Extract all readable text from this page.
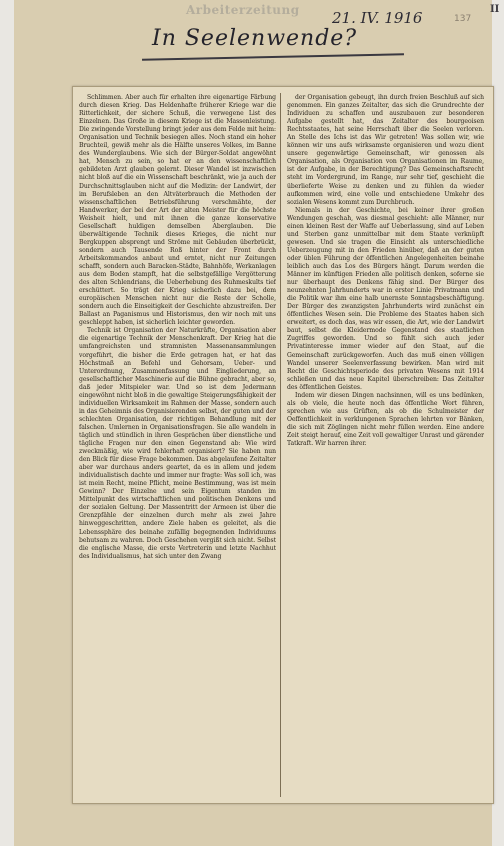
Arbeiterzeitung 21. IV. 1916	137
II
In Seelenwende?

Schlimmen. Aber auch für erhalten ihre eigenartige Färbung durch diesen Krieg. Das Heldenhafte früherer Kriege war die Ritterlichkeit, der sichere Schuß, die verwegene List des Einzelnen. Das Große in diesem Kriege ist die Massenleistung. Die zwingende Vorstellung bringt jeder aus dem Felde mit heim: Organisation und Technik besiegen alles. Noch stand ein hoher Bruchteil, gewiß mehr als die Hälfte unseres Volkes, im Banne des Wunderglaubens. Wie sich der Bürger-Soldat angewöhnt hat, Mensch zu sein, so hat er an den wissenschaftlich gebildeten Arzt glauben gelernt. Dieser Wandel ist inzwischen nicht bloß auf die ein Wissenschaft beschränkt, wie ja auch der Durchschnittsglauben nicht auf die Medizin: der Landwirt, der im Berufsleben an den Altväterbrauch die Methoden der wissenschaftlichen Betriebsführung verschmähte, der Handwerker, der bei der Art der alten Meister für die höchste Weisheit hielt, und mit ihnen die ganze konservative Gesellschaft huldigen demselben Aberglauben. Die überwältigende Technik dieses Krieges, die nicht nur Bergkuppen absprengt und Ströme mit Gebäuden überbrückt, sondern auch Tausende Roß hinter der Front durch Arbeitskommandos anbaut und erntet, nicht nur Zeitungen schafft, sondern auch Baracken-Städte, Bahnhöfe, Werkanlagen aus dem Boden stampft, hat die selbstgefällige Vergötterung des alten Schlendrians, die Ueberhebung des Ruhmeskults tief erschüttert. So trägt der Krieg sicherlich dazu bei, dem europäischen Menschen nicht nur die Reste der Scholle, sondern auch die Einseitigkeit der Geschichte abzustreifen. Der Ballast an Paganismus und Historismus, den wir noch mit uns geschleppt haben, ist sicherlich leichter geworden.

Technik ist Organisation der Naturkräfte, Organisation aber die eigenartige Technik der Menschenkraft. Der Krieg hat die umfangreichsten und stramnisten Massenansammlungen vorgeführt, die bisher die Erde getragen hat, er hat das Höchstmaß an Befehl und Gehorsam, Ueber- und Unterordnung, Zusammenfassung und Eingliederung, an gesellschaftlicher Maschinerie auf die Bühne gebracht, aber so, daß jeder Mitspieler war. Und so ist dem Jedermann eingewöhnt nicht bloß in die gewaltige Steigerungsfähigkeit der individuellen Wirksamkeit im Rahmen der Masse, sondern auch in das Geheimnis des Organisierenden selbst, der guten und der schlechten Organisation, der richtigen Behandlung mit der falschen. Umlernen in Organisationsfragen. Sie alle wandeln in täglich und stündlich in ihren Gesprächen über dienstliche und tägliche Fragen nur den einen Gegenstand ab: Wie wird zweckmäßig, wie wird fehlerhaft organisiert? Sie haben nun den Blick für diese Frage bekommen. Das abgelaufene Zeitalter aber war durchaus anders geartet, da es in allem und jedem individualistisch dachte und immer nur fragte: Was soll ich, was ist mein Recht, meine Pflicht, meine Bestimmung, was ist mein Gewinn? Der Einzelne und sein Eigentum standen im Mittelpunkt des wirtschaftlichen und politischen Denkens und der sozialen Geltung. Der Massentritt der Armeen ist über die Grenzpfähle der einzelnen durch mehr als zwei Jahre hinweggeschritten, andere Ziele haben es geleitet, als die Lebenssphäre des beinahe zufällig begegnenden Individuums behutsam zu wahren. Doch Geschehen vergißt sich nicht. Selbst die englische Masse, die erste Vertreterin und letzte Nachhut des Individualismus, hat sich unter den Zwang

der Organisation gebeugt, ihn durch freien Beschluß auf sich genommen. Ein ganzes Zeitalter, das sich die Grundrechte der Individuen zu schaffen und auszubauen zur besonderen Aufgabe gestellt hat, das Zeitalter des bourgeoisen Rechtsstaates, hat seine Herrschaft über die Seelen verloren. An Stelle des Ichs ist das Wir getreten! Was sollen wir, wie können wir uns aufs wirksamste organisieren und wozu dient unsere gegenwärtige Gemeinschaft, wir genossen als Organisation, als Organisation von Organisationen im Raume, ist der Aufgabe, in der Berechtigung? Das Gemeinschaftsrecht steht im Vordergrund, im Range, nur sehr tief, geschieht die überlieferte Weise zu denken und zu fühlen da wieder aufkommen wird, eine volle und entschiedene Umkehr des sozialen Wesens kommt zum Durchbruch.

Niemals in der Geschichte, bei keiner ihrer großen Wendungen geschah, was diesmal geschieht: alle Männer, nur einen kleinen Rest der Waffe auf Ueberlassung, sind auf Leben und Sterben ganz unmittelbar mit dem Staate verknüpft gewesen. Und sie tragen die Einsicht als unterschiedliche Ueberzeugung mit in den Frieden hinüber, daß an der guten oder üblen Führung der öffentlichen Angelegenheiten beinahe leiblich auch das Los des Bürgers hängt. Darum werden die Männer im künftigen Frieden alle politisch denken, soferne sie nur überhaupt des Denkens fähig sind. Der Bürger des neunzehnten Jahrhunderts war in erster Linie Privatmann und die Politik war ihm eine halb unernste Sonntagsbeschäftigung. Der Bürger des zwanzigsten Jahrhunderts wird zunächst ein öffentliches Wesen sein. Die Probleme des Staates haben sich erweitert, es doch das, was wir essen, die Art, wie der Landwirt baut, selbst die Kleidermode Gegenstand des staatlichen Zugriffes geworden. Und so fühlt sich auch jeder Privatinteresse immer wieder auf den Staat, auf die Gemeinschaft zurückgeworfen. Auch das muß einen völligen Wandel unserer Seelenverfassung bewirken. Man wird mit Recht die Geschichtsperiode des privaten Wesens mit 1914 schließen und das neue Kapitel überschreiben: Das Zeitalter des öffentlichen Geistes.

Indem wir diesen Dingen nachsinnen, will es uns bedünken, als ob viele, die heute noch das öffentliche Wort führen, sprechen wie aus Grüften, als ob die Schulmeister der Oeffentlichkeit in verklungenen Sprachen lehrten vor Bänken, die sich mit Zöglingen nicht mehr füllen werden. Eine andere Zeit steigt herauf, eine Zeit voll gewaltiger Unrast und gärender Tatkraft. Wir harren ihrer.
